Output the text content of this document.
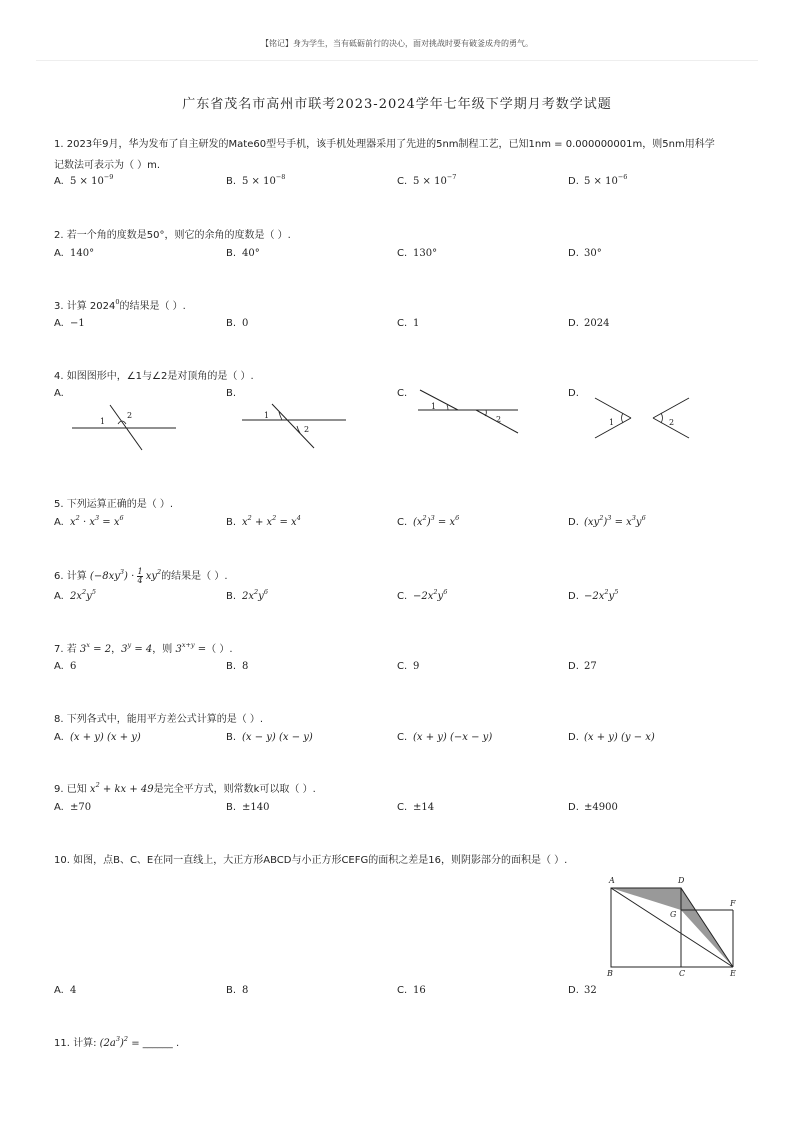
【铭记】身为学生，当有砥砺前行的决心，面对挑战时要有破釜成舟的勇气。
广东省茂名市高州市联考2023-2024学年七年级下学期月考数学试题
1. 2023年9月，华为发布了自主研发的Mate60型号手机，该手机处理器采用了先进的5nm制程工艺，已知1nm = 0.000000001m，则5nm用科学
记数法可表示为（ ）m.
A. $5 \times 10^{-9}$	B. $5 \times 10^{-8}$	C. $5 \times 10^{-7}$	D. $5 \times 10^{-6}$
2. 若一个角的度数是50°，则它的余角的度数是（ ）.
A. 140°	B. 40°	C. 130°	D. 30°
3. 计算 2024$^0$的结果是（ ）.
A. −1	B. 0	C. 1	D. 2024
4. 如图图形中，∠1与∠2是对顶角的是（ ）.
A.	B.	C.	D.
1
2	1
2
1
2	1	2
5. 下列运算正确的是（ ）.
A. $x^2 \cdot x^3 = x^6$	B. $x^2 + x^2 = x^4$	C. $(x^2)^3 = x^6$	D. $(xy^2)^3 = x^3y^6$
6. 计算 $(-8xy^3) \cdot \frac{1}{4} xy^2$的结果是（ ）.
A. $2x^2y^5$	B. $2x^2y^6$	C. $-2x^2y^6$	D. $-2x^2y^5$
7. 若 $3^x = 2$，$3^y = 4$，则 $3^{x+y}$ =（ ）.
A. 6	B. 8	C. 9	D. 27
8. 下列各式中，能用平方差公式计算的是（ ）.
A. (x + y) (x + y)	B. (x − y) (x − y)	C. (x + y) (−x − y)	D. (x + y) (y − x)
9. 已知 $x^2$ + kx + 49是完全平方式，则常数k可以取（ ）.
A. ±70	B. ±140	C. ±14	D. ±4900
10. 如图，点B、C、E在同一直线上，大正方形ABCD与小正方形CEFG的面积之差是16，则阴影部分的面积是（ ）.
A	D
F
G
B	C	E
A. 4	B. 8	C. 16	D. 32
11. 计算: $(2a^3)^2$ = ______ .
